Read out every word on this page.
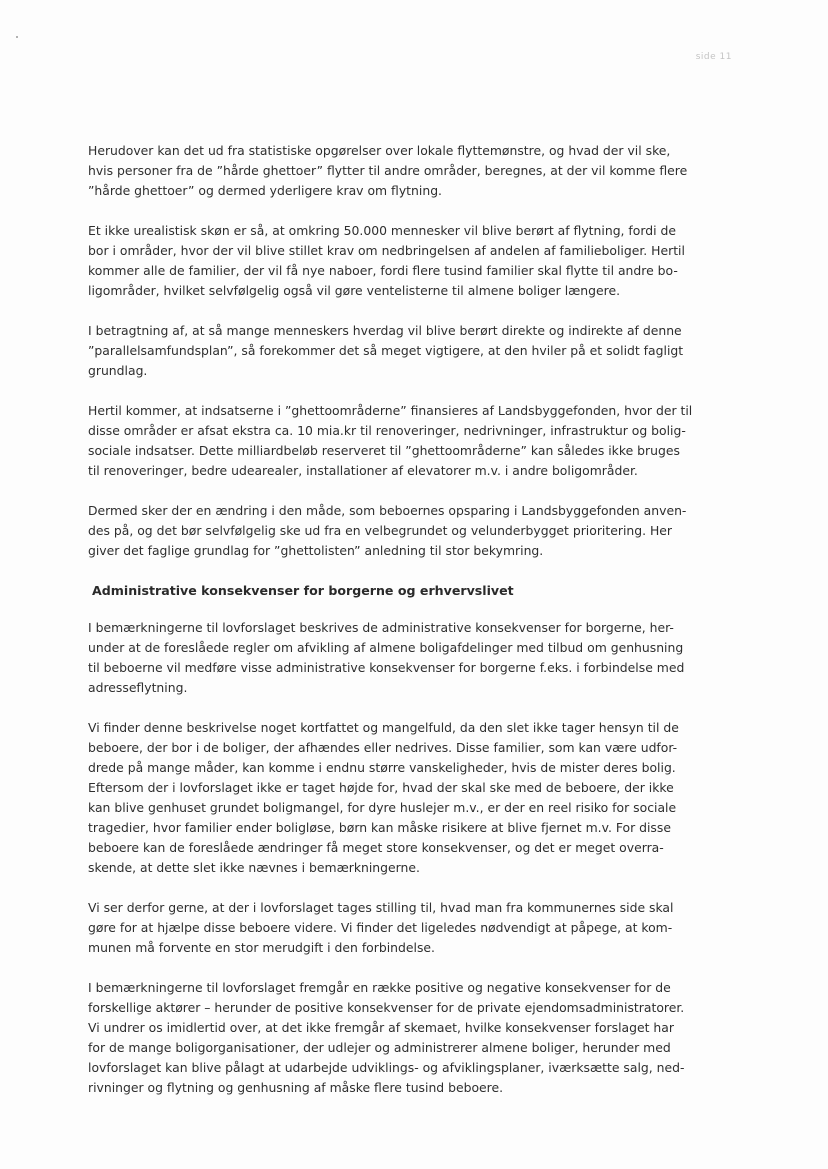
side 11

Herudover kan det ud fra statistiske opgørelser over lokale flyttemønstre, og hvad der vil ske,
hvis personer fra de ”hårde ghettoer” flytter til andre områder, beregnes, at der vil komme flere
”hårde ghettoer” og dermed yderligere krav om flytning.

Et ikke urealistisk skøn er så, at omkring 50.000 mennesker vil blive berørt af flytning, fordi de
bor i områder, hvor der vil blive stillet krav om nedbringelsen af andelen af familieboliger. Hertil
kommer alle de familier, der vil få nye naboer, fordi flere tusind familier skal flytte til andre bo-
ligområder, hvilket selvfølgelig også vil gøre ventelisterne til almene boliger længere.

I betragtning af, at så mange menneskers hverdag vil blive berørt direkte og indirekte af denne
”parallelsamfundsplan”, så forekommer det så meget vigtigere, at den hviler på et solidt fagligt
grundlag.

Hertil kommer, at indsatserne i ”ghettoområderne” finansieres af Landsbyggefonden, hvor der til
disse områder er afsat ekstra ca. 10 mia.kr til renoveringer, nedrivninger, infrastruktur og bolig-
sociale indsatser. Dette milliardbeløb reserveret til ”ghettoområderne” kan således ikke bruges
til renoveringer, bedre udearealer, installationer af elevatorer m.v. i andre boligområder.

Dermed sker der en ændring i den måde, som beboernes opsparing i Landsbyggefonden anven-
des på, og det bør selvfølgelig ske ud fra en velbegrundet og velunderbygget prioritering. Her
giver det faglige grundlag for ”ghettolisten” anledning til stor bekymring.

Administrative konsekvenser for borgerne og erhvervslivet

I bemærkningerne til lovforslaget beskrives de administrative konsekvenser for borgerne, her-
under at de foreslåede regler om afvikling af almene boligafdelinger med tilbud om genhusning
til beboerne vil medføre visse administrative konsekvenser for borgerne f.eks. i forbindelse med
adresseflytning.

Vi finder denne beskrivelse noget kortfattet og mangelfuld, da den slet ikke tager hensyn til de
beboere, der bor i de boliger, der afhændes eller nedrives. Disse familier, som kan være udfor-
drede på mange måder, kan komme i endnu større vanskeligheder, hvis de mister deres bolig.
Eftersom der i lovforslaget ikke er taget højde for, hvad der skal ske med de beboere, der ikke
kan blive genhuset grundet boligmangel, for dyre huslejer m.v., er der en reel risiko for sociale
tragedier, hvor familier ender boligløse, børn kan måske risikere at blive fjernet m.v. For disse
beboere kan de foreslåede ændringer få meget store konsekvenser, og det er meget overra-
skende, at dette slet ikke nævnes i bemærkningerne.

Vi ser derfor gerne, at der i lovforslaget tages stilling til, hvad man fra kommunernes side skal
gøre for at hjælpe disse beboere videre. Vi finder det ligeledes nødvendigt at påpege, at kom-
munen må forvente en stor merudgift i den forbindelse.

I bemærkningerne til lovforslaget fremgår en række positive og negative konsekvenser for de
forskellige aktører – herunder de positive konsekvenser for de private ejendomsadministratorer.
Vi undrer os imidlertid over, at det ikke fremgår af skemaet, hvilke konsekvenser forslaget har
for de mange boligorganisationer, der udlejer og administrerer almene boliger, herunder med
lovforslaget kan blive pålagt at udarbejde udviklings- og afviklingsplaner, iværksætte salg, ned-
rivninger og flytning og genhusning af måske flere tusind beboere.
